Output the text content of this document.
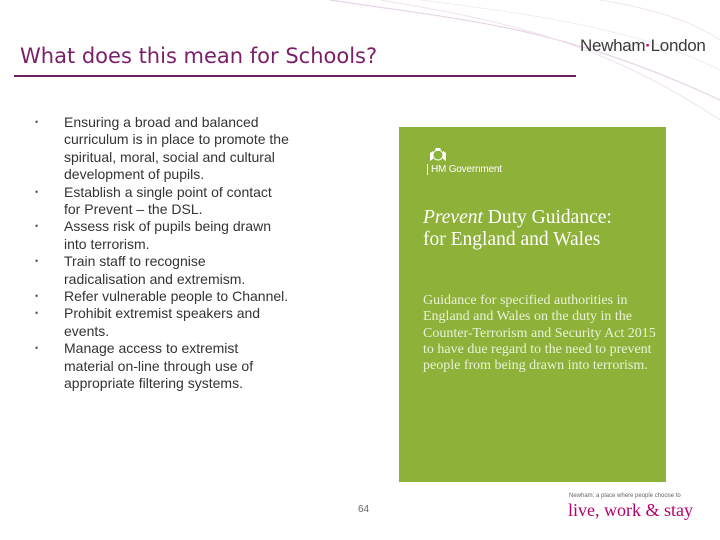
What does this mean for Schools?	Newham·London
• Ensuring a broad and balanced curriculum is in place to promote the spiritual, moral, social and cultural development of pupils.
• Establish a single point of contact for Prevent – the DSL.
• Assess risk of pupils being drawn into terrorism.
• Train staff to recognise radicalisation and extremism.
• Refer vulnerable people to Channel.
• Prohibit extremist speakers and events.
• Manage access to extremist material on-line through use of appropriate filtering systems.
HM Government
Prevent Duty Guidance:
for England and Wales

Guidance for specified authorities in England and Wales on the duty in the Counter-Terrorism and Security Act 2015 to have due regard to the need to prevent people from being drawn into terrorism.

64
Newham: a place where people choose to
live, work & stay
